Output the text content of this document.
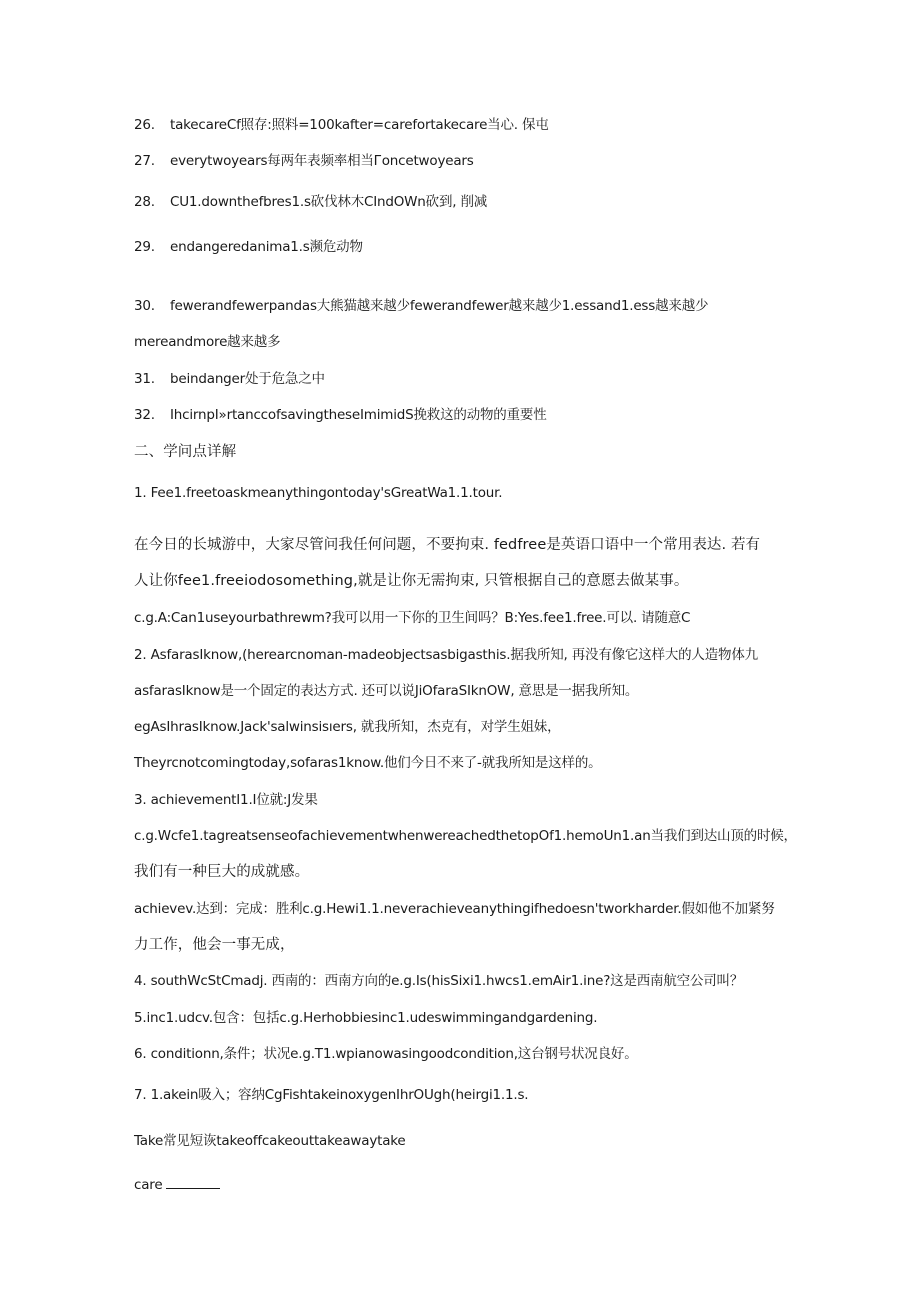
26. takecareCf照存:照料=100kafter=carefortakecare当心. 保屯
27. everytwoyears每两年表频率相当Гoncetwoyears
28. CU1.downthefbres1.s砍伐林木CIndOWn砍到, 削减
29. endangeredanima1.s濒危动物
30. fewerandfewerpandas大熊猫越来越少fewerandfewer越来越少1.essand1.ess越来越少
mereandmore越来越多
31. beindanger处于危急之中
32. IhcirnpI»rtanccofsavingtheseImimidS挽救这的动物的重要性
二、学问点详解
1. Fee1.freetoaskmeanythingontoday'sGreatWa1.1.tour.
在今日的长城游中，大家尽管问我任何问题，不要拘束. fedfree是英语口语中一个常用表达. 若有
人让你fee1.freeiodosomething,就是让你无需拘束, 只管根据自己的意愿去做某事。
c.g.A:Can1useyourbathrewm?我可以用一下你的卫生间吗？B:Yes.fee1.free.可以. 请随意C
2. AsfarasIknow,(herearcnoman-madeobjectsasbigasthis.据我所知, 再没有像它这样大的人造物体九
asfarasIknow是一个固定的表达方式. 还可以说JiOfaraSIknOW, 意思是一据我所知。
egAsIhrasIknow.Jack'salwinsisıers, 就我所知，杰克有，对学生姐妹，
Theyrcnotcomingtoday,sofaras1know.他们今日不来了-就我所知是这样的。
3. achievementI1.I位就:J发果
c.g.Wcfe1.tagreatsenseofachievementwhenwereachedthetopOf1.hemoUn1.an当我们到达山顶的时候，
我们有一种巨大的成就感。
achievev.达到：完成：胜利c.g.Hewi1.1.neverachieveanythingifhedoesn'tworkharder.假如他不加紧努
力工作，他会一事无成，
4. southWcStCmadj. 西南的：西南方向的e.g.Is(hisSixi1.hwcs1.emAir1.ine?这是西南航空公司叫？
5.inc1.udcv.包含：包括c.g.Herhobbiesinc1.udeswimmingandgardening.
6. conditionn,条件；状况e.g.T1.wpianowasingoodcondition,这台钢号状况良好。
7. 1.akein吸入；容纳CgFishtakeinoxygenIhrOUgh(heirgi1.1.s.
Take常见短诙takeoffcakeouttakeawaytake
care
